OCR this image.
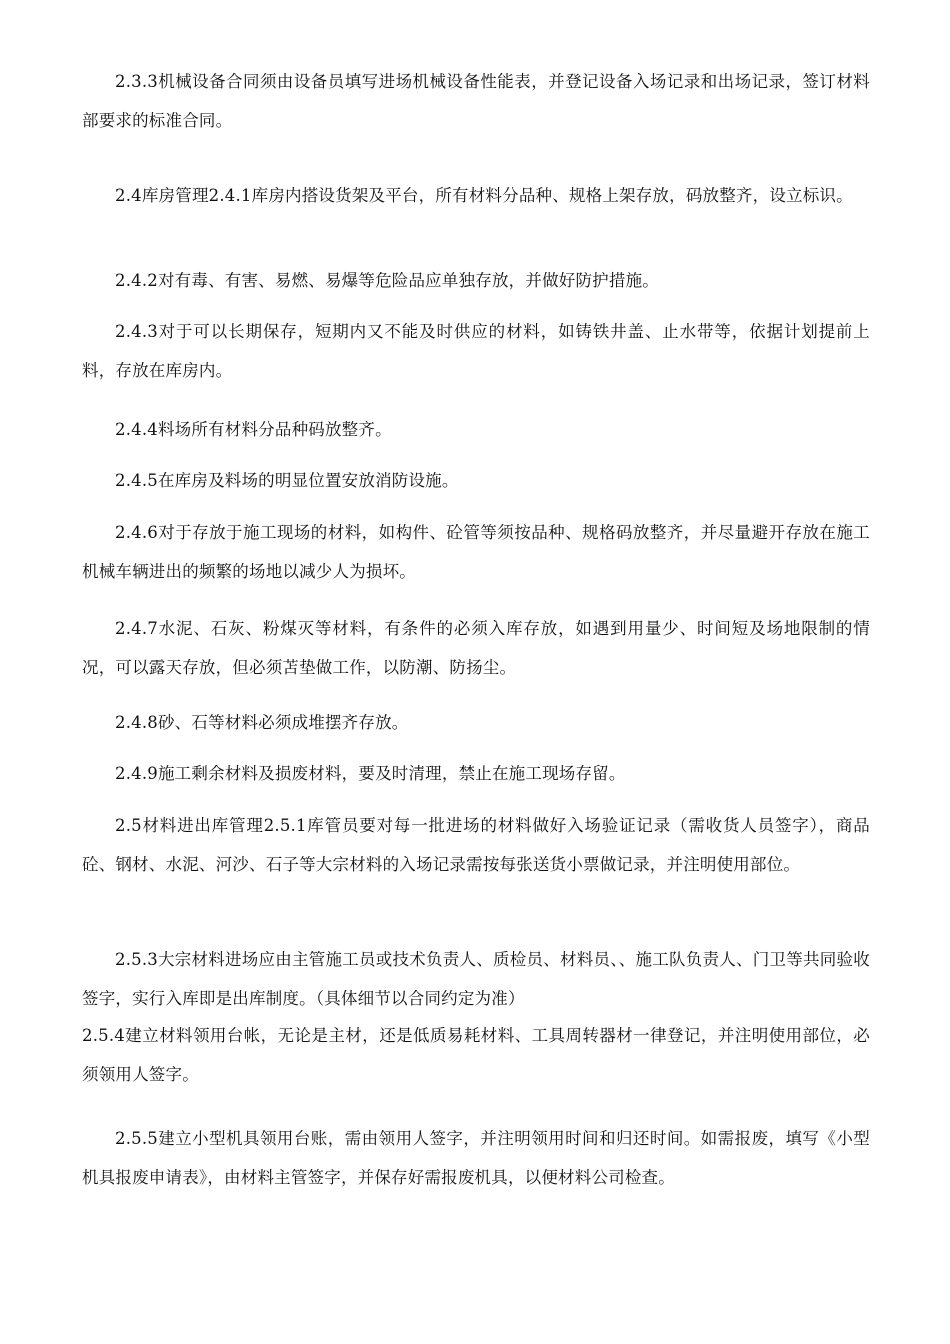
2.3.3机械设备合同须由设备员填写进场机械设备性能表，并登记设备入场记录和出场记录，签订材料部要求的标准合同。

2.4库房管理2.4.1库房内搭设货架及平台，所有材料分品种、规格上架存放，码放整齐，设立标识。

2.4.2对有毒、有害、易燃、易爆等危险品应单独存放，并做好防护措施。

2.4.3对于可以长期保存，短期内又不能及时供应的材料，如铸铁井盖、止水带等，依据计划提前上料，存放在库房内。

2.4.4料场所有材料分品种码放整齐。

2.4.5在库房及料场的明显位置安放消防设施。

2.4.6对于存放于施工现场的材料，如构件、砼管等须按品种、规格码放整齐，并尽量避开存放在施工机械车辆进出的频繁的场地以减少人为损坏。

2.4.7水泥、石灰、粉煤灭等材料，有条件的必须入库存放，如遇到用量少、时间短及场地限制的情况，可以露天存放，但必须苫垫做工作，以防潮、防扬尘。

2.4.8砂、石等材料必须成堆摆齐存放。

2.4.9施工剩余材料及损废材料，要及时清理，禁止在施工现场存留。

2.5材料进出库管理2.5.1库管员要对每一批进场的材料做好入场验证记录（需收货人员签字），商品砼、钢材、水泥、河沙、石子等大宗材料的入场记录需按每张送货小票做记录，并注明使用部位。

2.5.3大宗材料进场应由主管施工员或技术负责人、质检员、材料员、、施工队负责人、门卫等共同验收签字，实行入库即是出库制度。（具体细节以合同约定为准）

2.5.4建立材料领用台帐，无论是主材，还是低质易耗材料、工具周转器材一律登记，并注明使用部位，必须领用人签字。

2.5.5建立小型机具领用台账，需由领用人签字，并注明领用时间和归还时间。如需报废，填写《小型机具报废申请表》，由材料主管签字，并保存好需报废机具，以便材料公司检查。
